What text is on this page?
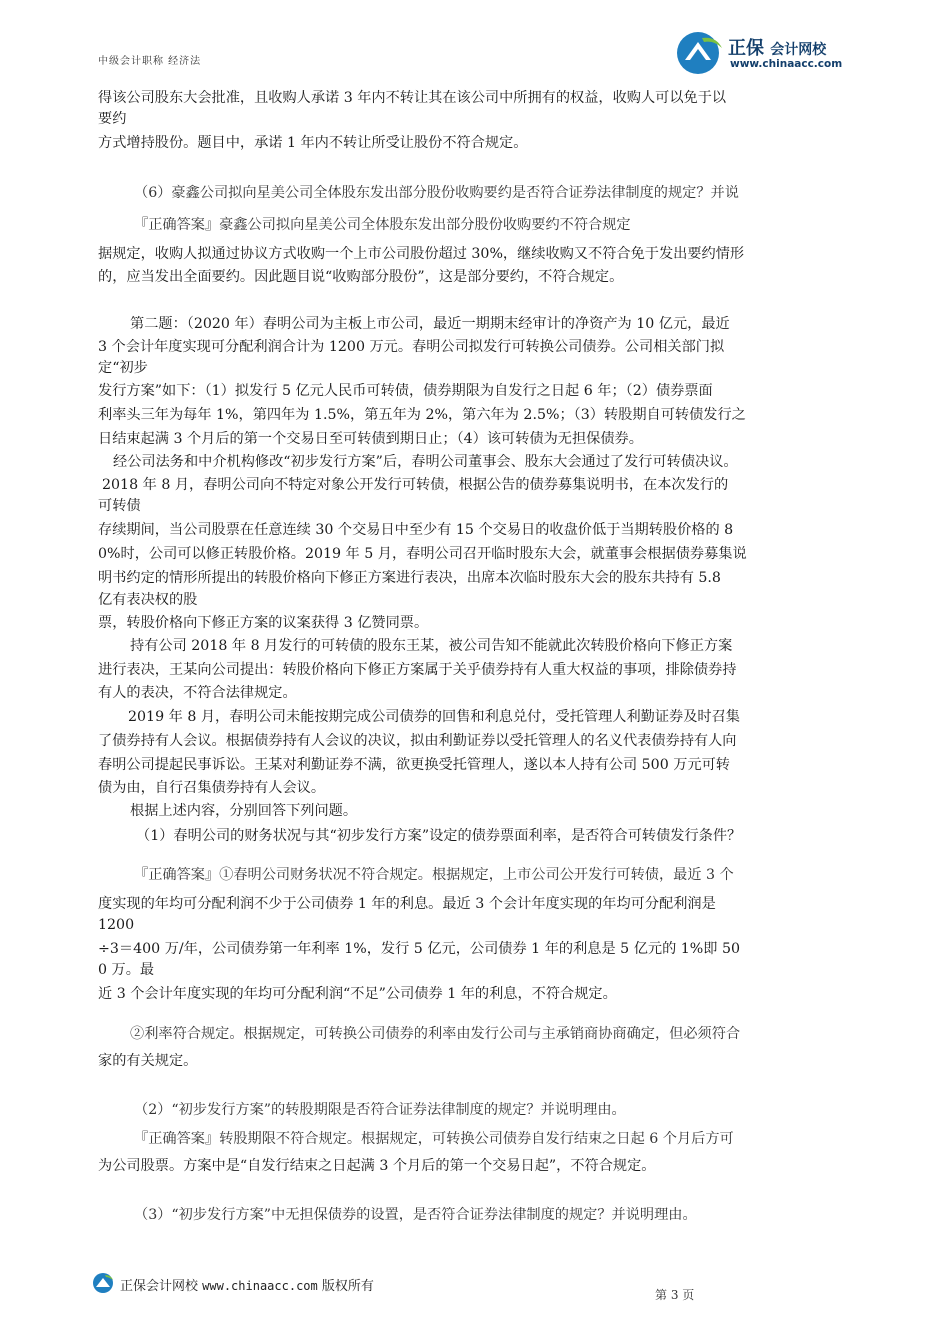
中级会计职称 经济法
正保 会计网校
www.chinaacc.com
得该公司股东大会批准，且收购人承诺 3 年内不转让其在该公司中所拥有的权益，收购人可以免于以
要约
方式增持股份。题目中，承诺 1 年内不转让所受让股份不符合规定。
（6）豪鑫公司拟向星美公司全体股东发出部分股份收购要约是否符合证券法律制度的规定？并说
『正确答案』豪鑫公司拟向星美公司全体股东发出部分股份收购要约不符合规定
据规定，收购人拟通过协议方式收购一个上市公司股份超过 30%，继续收购又不符合免于发出要约情形
的，应当发出全面要约。因此题目说“收购部分股份”，这是部分要约，不符合规定。
第二题：（2020 年）春明公司为主板上市公司，最近一期期末经审计的净资产为 10 亿元，最近
3 个会计年度实现可分配利润合计为 1200 万元。春明公司拟发行可转换公司债券。公司相关部门拟
定“初步
发行方案”如下：（1）拟发行 5 亿元人民币可转债，债券期限为自发行之日起 6 年；（2）债券票面
利率头三年为每年 1%，第四年为 1.5%，第五年为 2%，第六年为 2.5%；（3）转股期自可转债发行之
日结束起满 3 个月后的第一个交易日至可转债到期日止；（4）该可转债为无担保债券。
经公司法务和中介机构修改“初步发行方案”后，春明公司董事会、股东大会通过了发行可转债决议。
2018 年 8 月，春明公司向不特定对象公开发行可转债，根据公告的债券募集说明书，在本次发行的
可转债
存续期间，当公司股票在任意连续 30 个交易日中至少有 15 个交易日的收盘价低于当期转股价格的 8
0%时，公司可以修正转股价格。2019 年 5 月，春明公司召开临时股东大会，就董事会根据债券募集说
明书约定的情形所提出的转股价格向下修正方案进行表决，出席本次临时股东大会的股东共持有 5.8
亿有表决权的股
票，转股价格向下修正方案的议案获得 3 亿赞同票。
持有公司 2018 年 8 月发行的可转债的股东王某，被公司告知不能就此次转股价格向下修正方案
进行表决，王某向公司提出：转股价格向下修正方案属于关乎债券持有人重大权益的事项，排除债券持
有人的表决，不符合法律规定。
2019 年 8 月，春明公司未能按期完成公司债券的回售和利息兑付，受托管理人利勤证券及时召集
了债券持有人会议。根据债券持有人会议的决议，拟由利勤证券以受托管理人的名义代表债券持有人向
春明公司提起民事诉讼。王某对利勤证券不满，欲更换受托管理人，遂以本人持有公司 500 万元可转
债为由，自行召集债券持有人会议。
根据上述内容，分别回答下列问题。
（1）春明公司的财务状况与其“初步发行方案”设定的债券票面利率，是否符合可转债发行条件？
『正确答案』①春明公司财务状况不符合规定。根据规定，上市公司公开发行可转债，最近 3 个
度实现的年均可分配利润不少于公司债券 1 年的利息。最近 3 个会计年度实现的年均可分配利润是
1200
÷3＝400 万/年，公司债券第一年利率 1%，发行 5 亿元，公司债券 1 年的利息是 5 亿元的 1%即 50
0 万。最
近 3 个会计年度实现的年均可分配利润“不足”公司债券 1 年的利息，不符合规定。
②利率符合规定。根据规定，可转换公司债券的利率由发行公司与主承销商协商确定，但必须符合
家的有关规定。
（2）“初步发行方案”的转股期限是否符合证券法律制度的规定？并说明理由。
『正确答案』转股期限不符合规定。根据规定，可转换公司债券自发行结束之日起 6 个月后方可
为公司股票。方案中是“自发行结束之日起满 3 个月后的第一个交易日起”，不符合规定。
（3）“初步发行方案”中无担保债券的设置，是否符合证券法律制度的规定？并说明理由。
正保会计网校 www.chinaacc.com 版权所有
第 3 页
